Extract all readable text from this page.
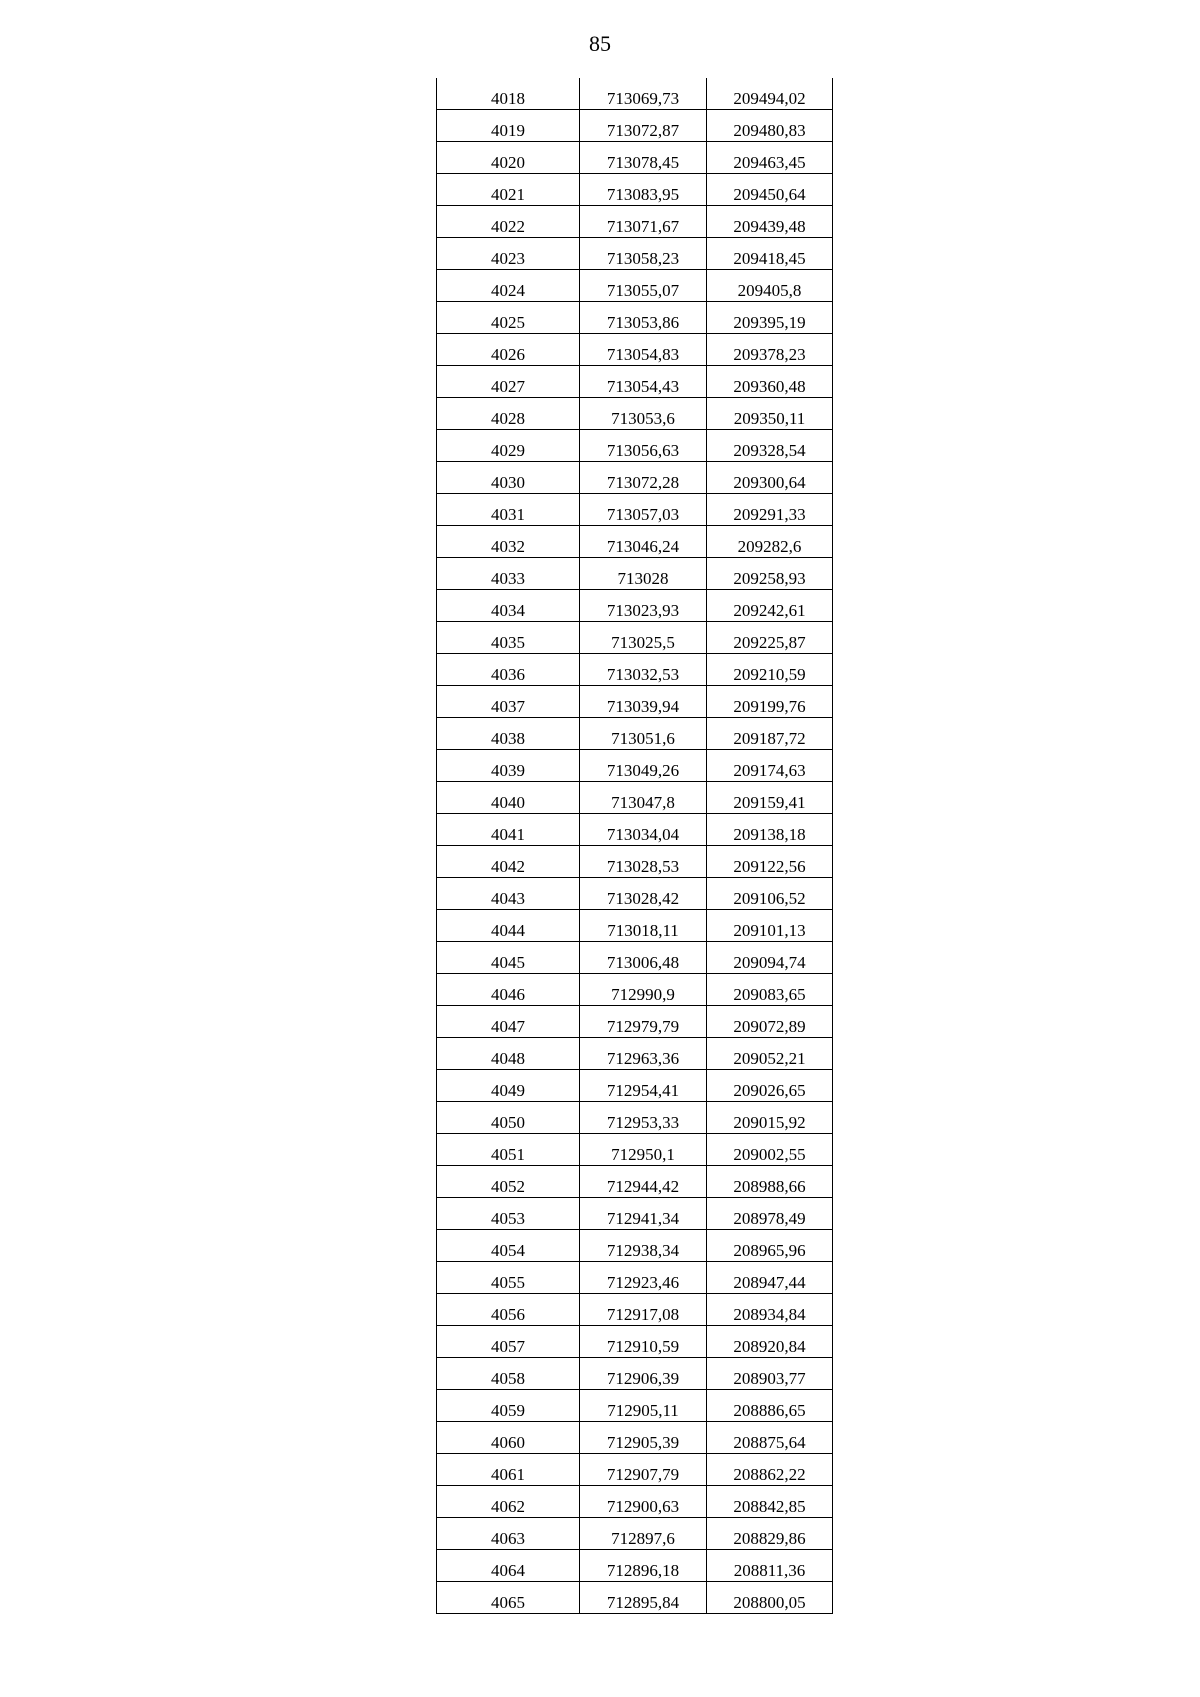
85
4018	713069,73	209494,02
4019	713072,87	209480,83
4020	713078,45	209463,45
4021	713083,95	209450,64
4022	713071,67	209439,48
4023	713058,23	209418,45
4024	713055,07	209405,8
4025	713053,86	209395,19
4026	713054,83	209378,23
4027	713054,43	209360,48
4028	713053,6	209350,11
4029	713056,63	209328,54
4030	713072,28	209300,64
4031	713057,03	209291,33
4032	713046,24	209282,6
4033	713028	209258,93
4034	713023,93	209242,61
4035	713025,5	209225,87
4036	713032,53	209210,59
4037	713039,94	209199,76
4038	713051,6	209187,72
4039	713049,26	209174,63
4040	713047,8	209159,41
4041	713034,04	209138,18
4042	713028,53	209122,56
4043	713028,42	209106,52
4044	713018,11	209101,13
4045	713006,48	209094,74
4046	712990,9	209083,65
4047	712979,79	209072,89
4048	712963,36	209052,21
4049	712954,41	209026,65
4050	712953,33	209015,92
4051	712950,1	209002,55
4052	712944,42	208988,66
4053	712941,34	208978,49
4054	712938,34	208965,96
4055	712923,46	208947,44
4056	712917,08	208934,84
4057	712910,59	208920,84
4058	712906,39	208903,77
4059	712905,11	208886,65
4060	712905,39	208875,64
4061	712907,79	208862,22
4062	712900,63	208842,85
4063	712897,6	208829,86
4064	712896,18	208811,36
4065	712895,84	208800,05
